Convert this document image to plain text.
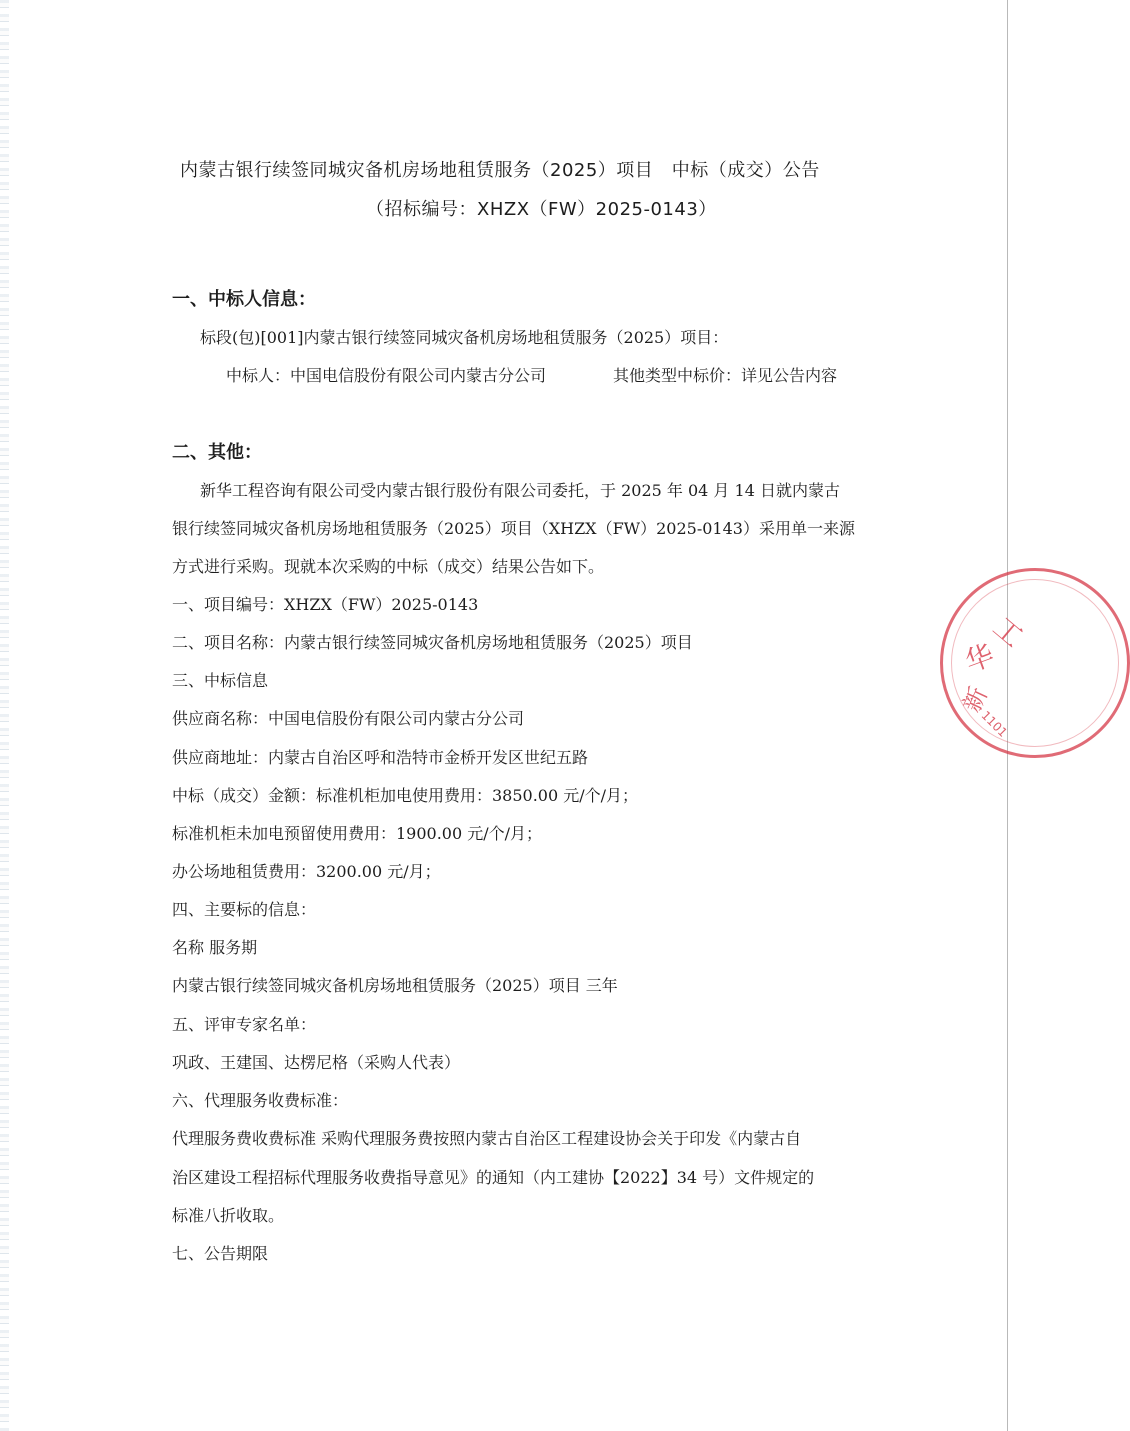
内蒙古银行续签同城灾备机房场地租赁服务（2025）项目　中标（成交）公告
（招标编号：XHZX（FW）2025-0143）
一、中标人信息：
标段(包)[001]内蒙古银行续签同城灾备机房场地租赁服务（2025）项目：
中标人：中国电信股份有限公司内蒙古分公司	其他类型中标价：详见公告内容
二、其他：
新华工程咨询有限公司受内蒙古银行股份有限公司委托，于 2025 年 04 月 14 日就内蒙古
银行续签同城灾备机房场地租赁服务（2025）项目（XHZX（FW）2025-0143）采用单一来源
方式进行采购。现就本次采购的中标（成交）结果公告如下。
一、项目编号：XHZX（FW）2025-0143
二、项目名称：内蒙古银行续签同城灾备机房场地租赁服务（2025）项目
三、中标信息
供应商名称：中国电信股份有限公司内蒙古分公司
供应商地址：内蒙古自治区呼和浩特市金桥开发区世纪五路
中标（成交）金额：标准机柜加电使用费用：3850.00 元/个/月；
标准机柜未加电预留使用费用：1900.00 元/个/月；
办公场地租赁费用：3200.00 元/月；
四、主要标的信息：
名称 服务期
内蒙古银行续签同城灾备机房场地租赁服务（2025）项目 三年
五、评审专家名单：
巩政、王建国、达楞尼格（采购人代表）
六、代理服务收费标准：
代理服务费收费标准 采购代理服务费按照内蒙古自治区工程建设协会关于印发《内蒙古自
治区建设工程招标代理服务收费指导意见》的通知（内工建协【2022】34 号）文件规定的
标准八折收取。
七、公告期限
工
华
新
1101
